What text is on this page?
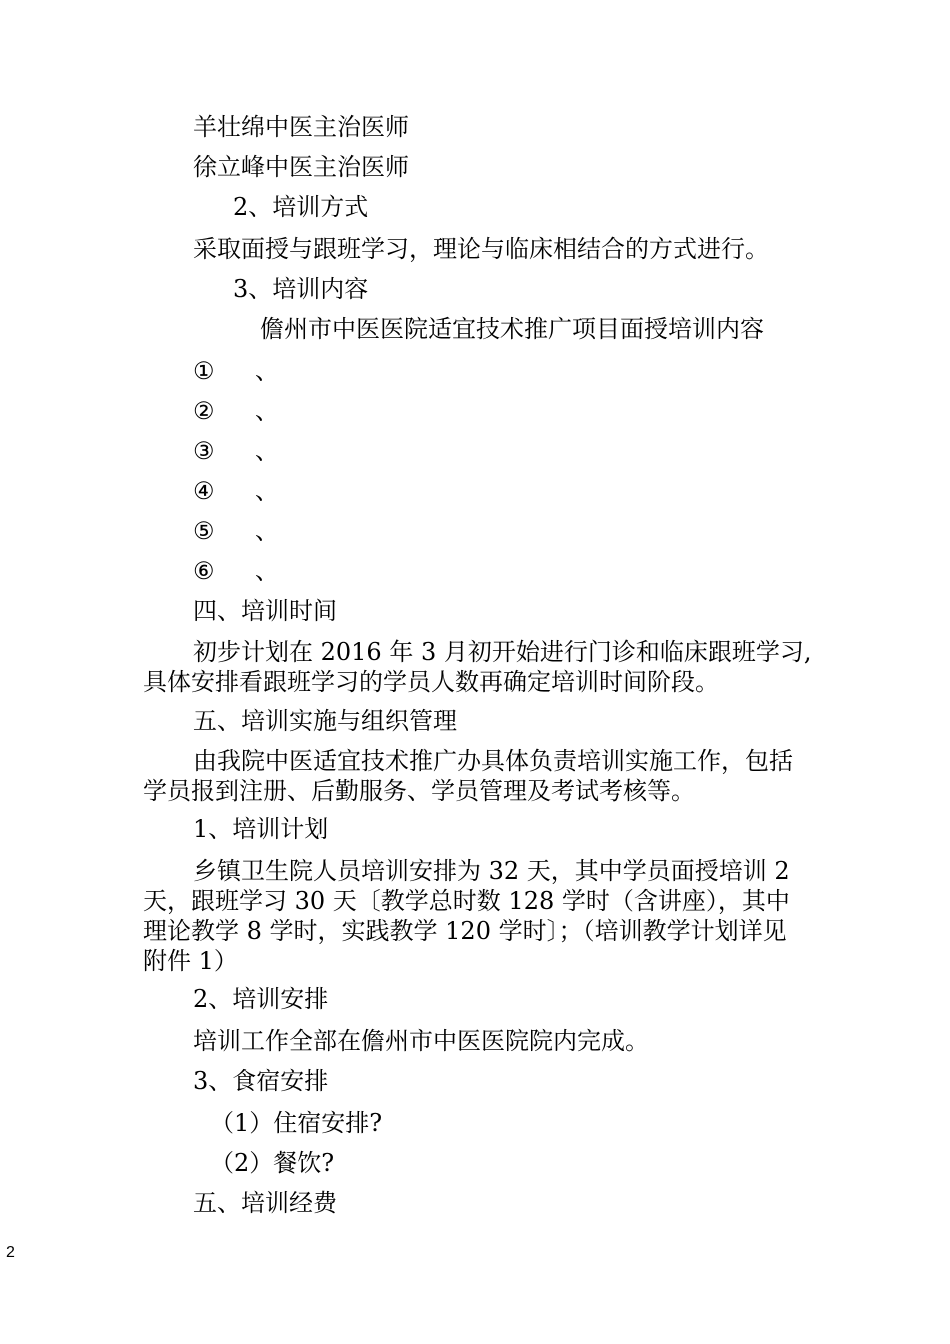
羊壮绵中医主治医师
徐立峰中医主治医师
2、培训方式
采取面授与跟班学习，理论与临床相结合的方式进行。
3、培训内容
儋州市中医医院适宜技术推广项目面授培训内容
① 、
② 、
③ 、
④ 、
⑤ 、
⑥ 、
四、培训时间
初步计划在 2016 年 3 月初开始进行门诊和临床跟班学习,
具体安排看跟班学习的学员人数再确定培训时间阶段。
五、培训实施与组织管理
由我院中医适宜技术推广办具体负责培训实施工作，包括
学员报到注册、后勤服务、学员管理及考试考核等。
1、培训计划
乡镇卫生院人员培训安排为 32 天，其中学员面授培训 2
天，跟班学习 30 天〔教学总时数 128 学时（含讲座），其中
理论教学 8 学时，实践教学 120 学时〕；（培训教学计划详见
附件 1）
2、培训安排
培训工作全部在儋州市中医医院院内完成。
3、食宿安排
（1）住宿安排?
（2）餐饮?
五、培训经费
2
